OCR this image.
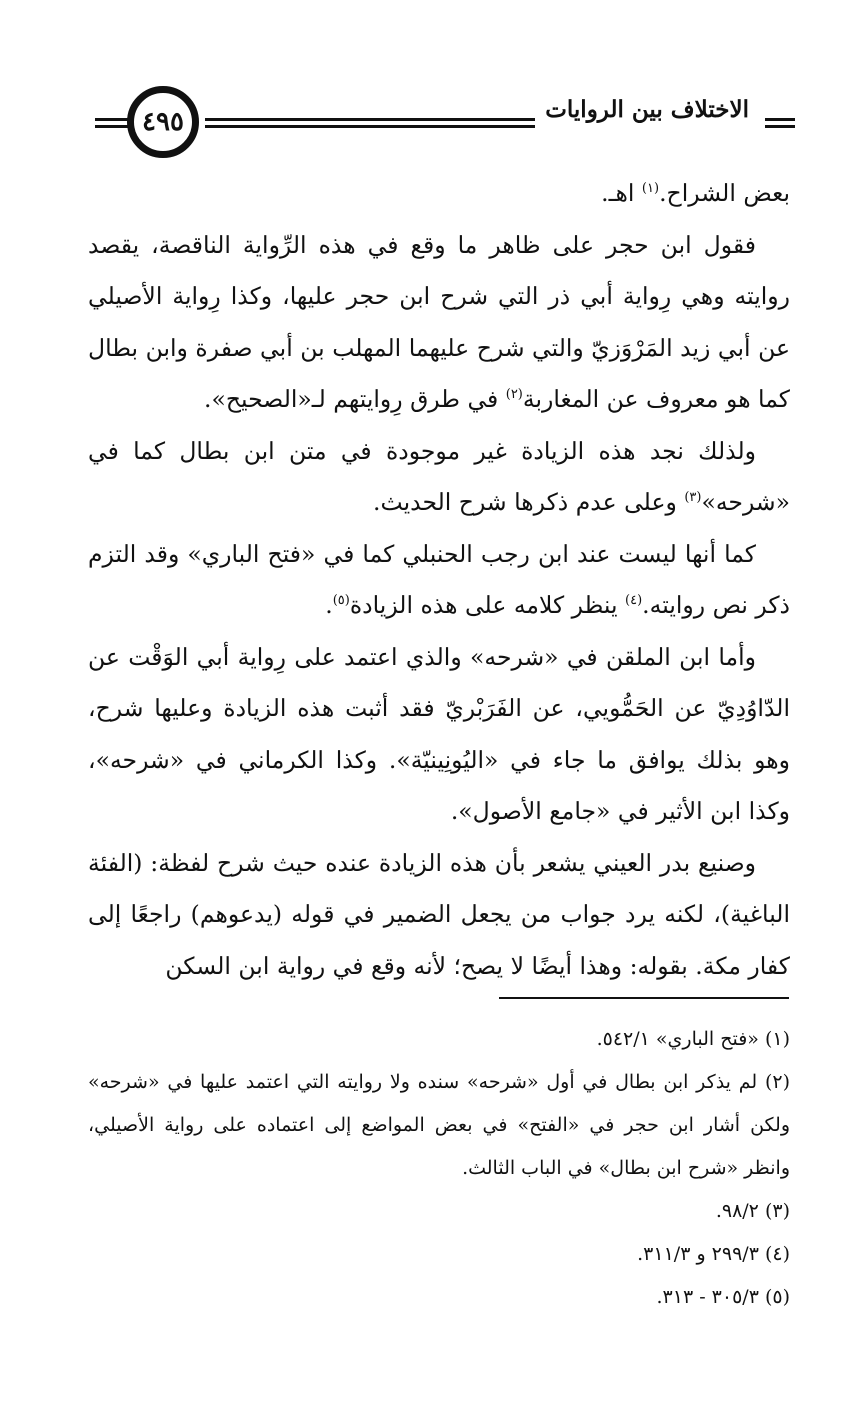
٤٩٥	الاختلاف بين الروايات

بعض الشراح.$^{(١)}$ اهـ.

فقول ابن حجر على ظاهر ما وقع في هذه الرِّواية الناقصة، يقصد روايته وهي رِواية أبي ذر التي شرح ابن حجر عليها، وكذا رِواية الأصيلي عن أبي زيد المَرْوَزيّ والتي شرح عليهما المهلب بن أبي صفرة وابن بطال كما هو معروف عن المغاربة$^{(٢)}$ في طرق رِوايتهم لـ«الصحيح».

ولذلك نجد هذه الزيادة غير موجودة في متن ابن بطال كما في «شرحه»$^{(٣)}$ وعلى عدم ذكرها شرح الحديث.

كما أنها ليست عند ابن رجب الحنبلي كما في «فتح الباري» وقد التزم ذكر نص روايته.$^{(٤)}$ ينظر كلامه على هذه الزيادة$^{(٥)}$.

وأما ابن الملقن في «شرحه» والذي اعتمد على رِواية أبي الوَقْت عن الدّاوُدِيّ عن الحَمُّويي، عن الفَرَبْريّ فقد أثبت هذه الزيادة وعليها شرح، وهو بذلك يوافق ما جاء في «اليُونِينيّة». وكذا الكرماني في «شرحه»، وكذا ابن الأثير في «جامع الأصول».

وصنيع بدر العيني يشعر بأن هذه الزيادة عنده حيث شرح لفظة: (الفئة الباغية)، لكنه يرد جواب من يجعل الضمير في قوله (يدعوهم) راجعًا إلى كفار مكة. بقوله: وهذا أيضًا لا يصح؛ لأنه وقع في رواية ابن السكن

(١) «فتح الباري» ٥٤٢/١.

(٢) لم يذكر ابن بطال في أول «شرحه» سنده ولا روايته التي اعتمد عليها في «شرحه» ولكن أشار ابن حجر في «الفتح» في بعض المواضع إلى اعتماده على رواية الأصيلي، وانظر «شرح ابن بطال» في الباب الثالث.

(٣) ٩٨/٢.

(٤) ٢٩٩/٣ و ٣١١/٣.

(٥) ٣٠٥/٣ - ٣١٣.
